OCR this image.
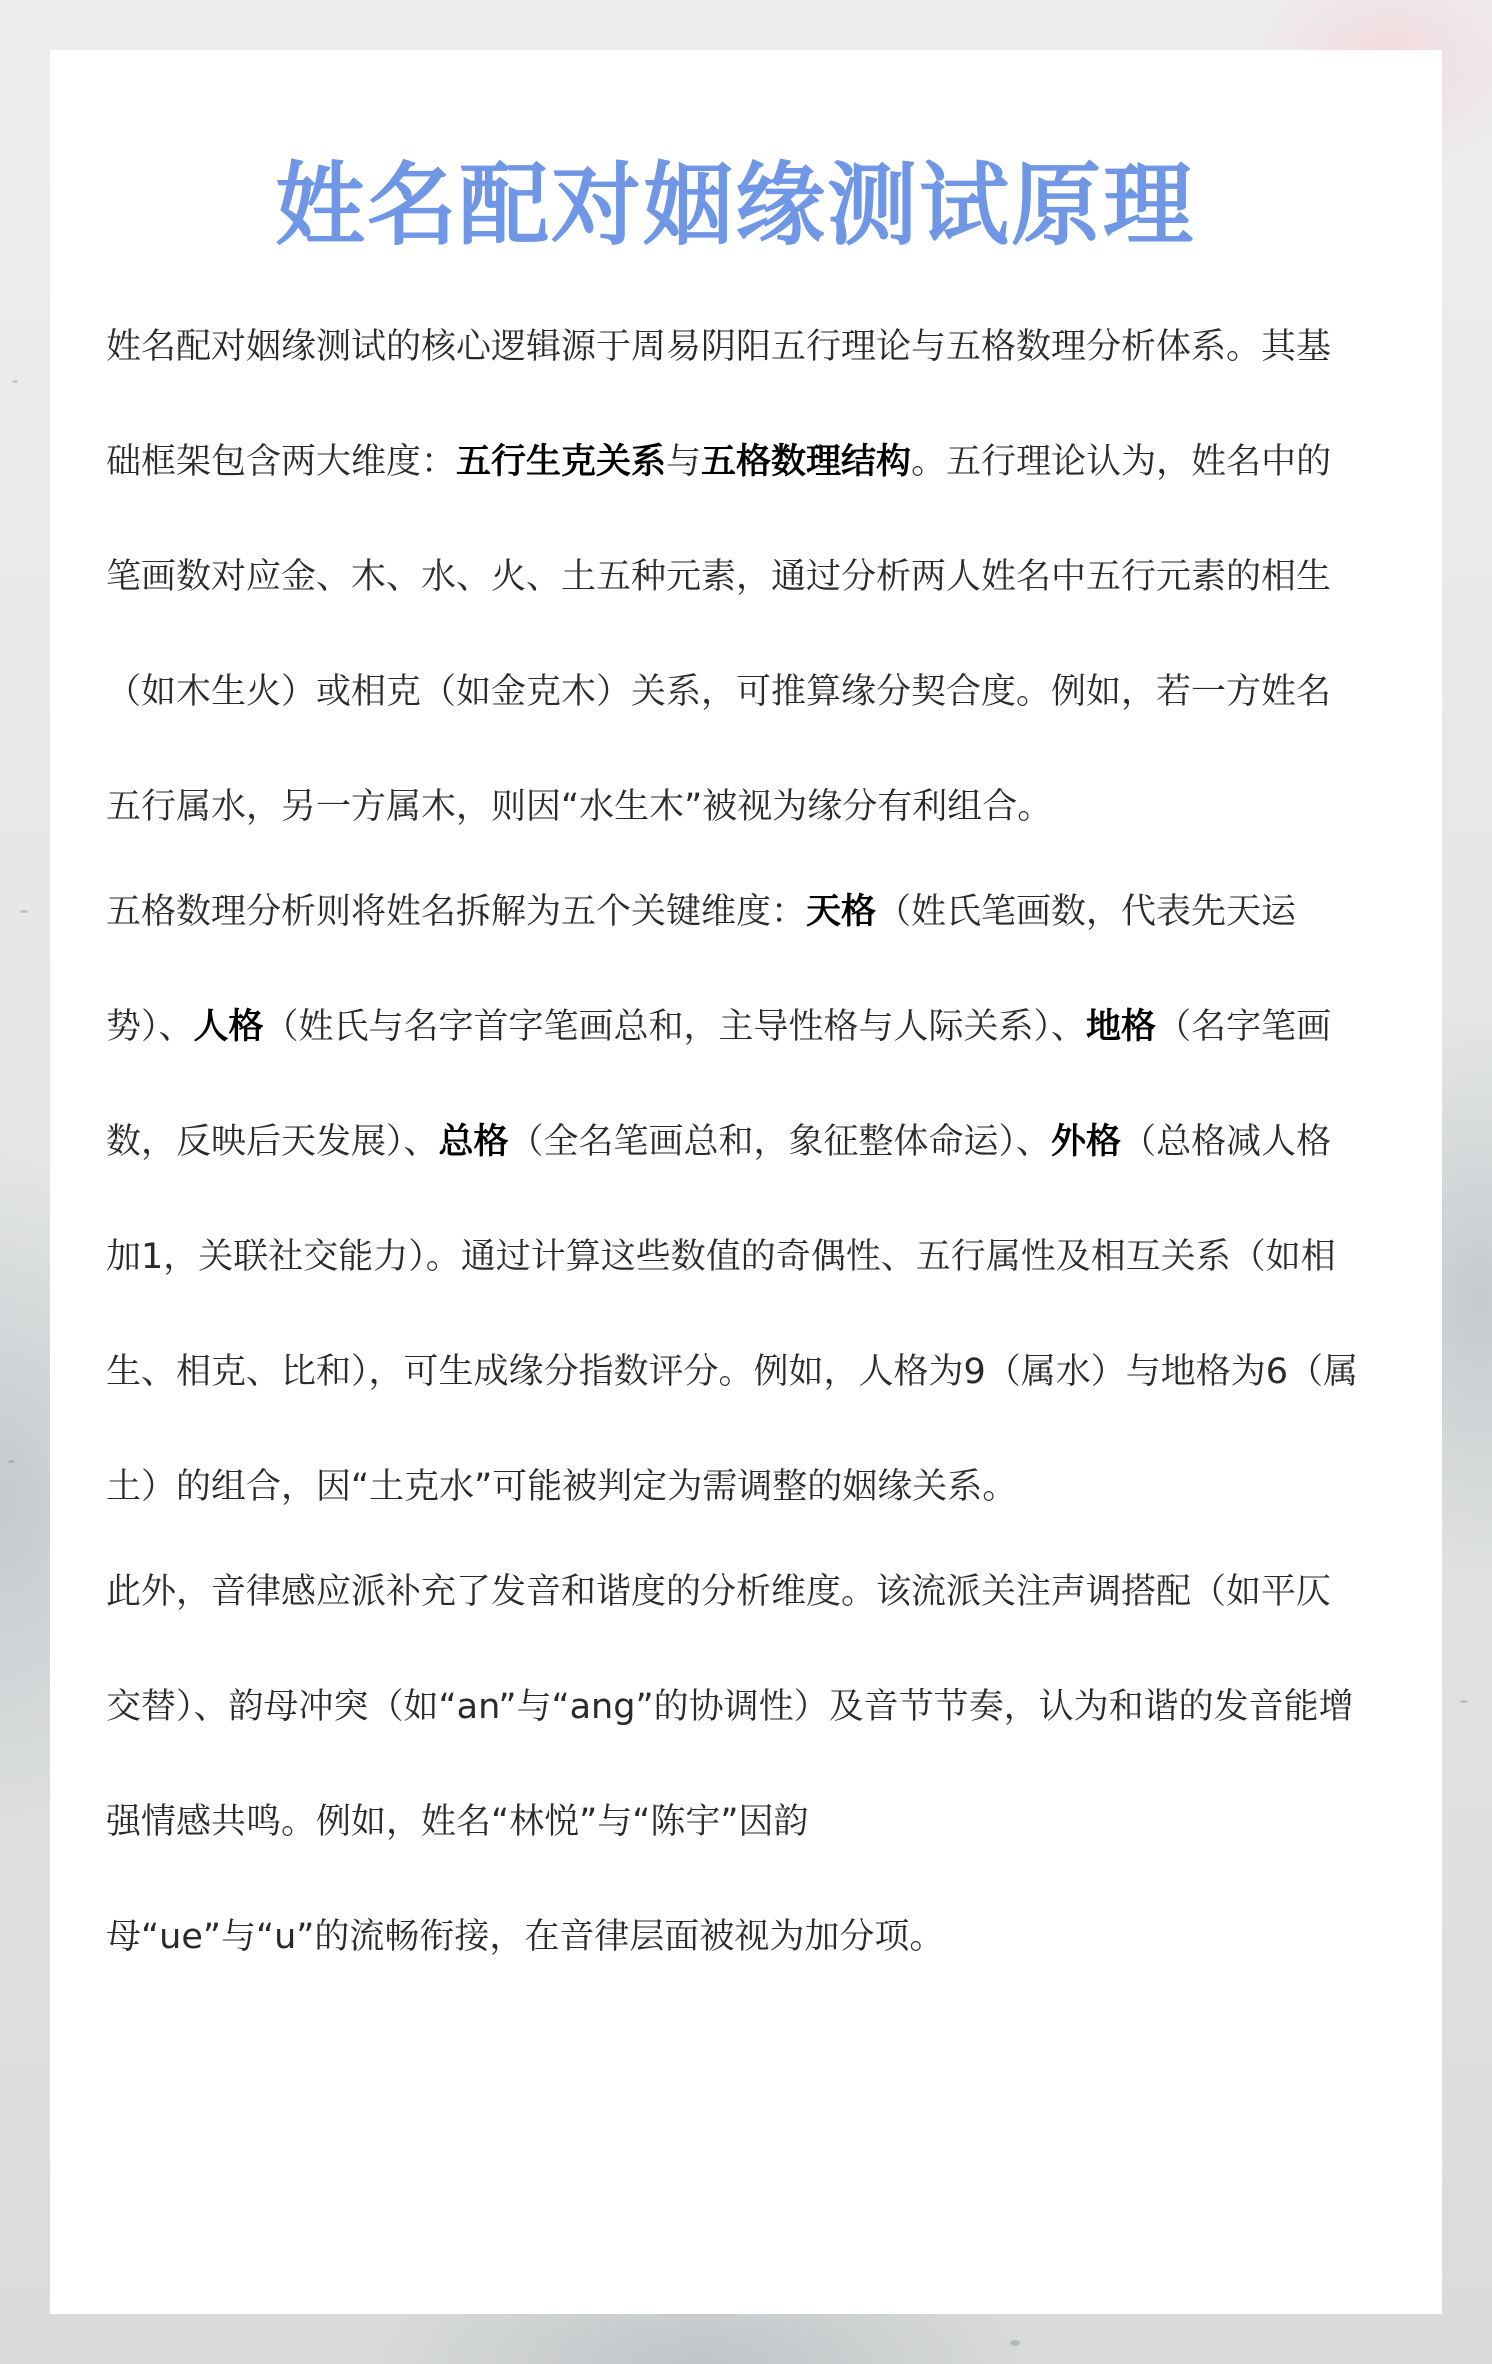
姓名配对姻缘测试原理

姓名配对姻缘测试的核心逻辑源于周易阴阳五行理论与五格数理分析体系。其基础框架包含两大维度：五行生克关系与五格数理结构。五行理论认为，姓名中的笔画数对应金、木、水、火、土五种元素，通过分析两人姓名中五行元素的相生（如木生火）或相克（如金克木）关系，可推算缘分契合度。例如，若一方姓名五行属水，另一方属木，则因“水生木”被视为缘分有利组合。

五格数理分析则将姓名拆解为五个关键维度：天格（姓氏笔画数，代表先天运势）、人格（姓氏与名字首字笔画总和，主导性格与人际关系）、地格（名字笔画数，反映后天发展）、总格（全名笔画总和，象征整体命运）、外格（总格减人格加1，关联社交能力）。通过计算这些数值的奇偶性、五行属性及相互关系（如相生、相克、比和），可生成缘分指数评分。例如，人格为9（属水）与地格为6（属土）的组合，因“土克水”可能被判定为需调整的姻缘关系。

此外，音律感应派补充了发音和谐度的分析维度。该流派关注声调搭配（如平仄交替）、韵母冲突（如“an”与“ang”的协调性）及音节节奏，认为和谐的发音能增强情感共鸣。例如，姓名“林悦”与“陈宇”因韵
母“ue”与“u”的流畅衔接，在音律层面被视为加分项。
